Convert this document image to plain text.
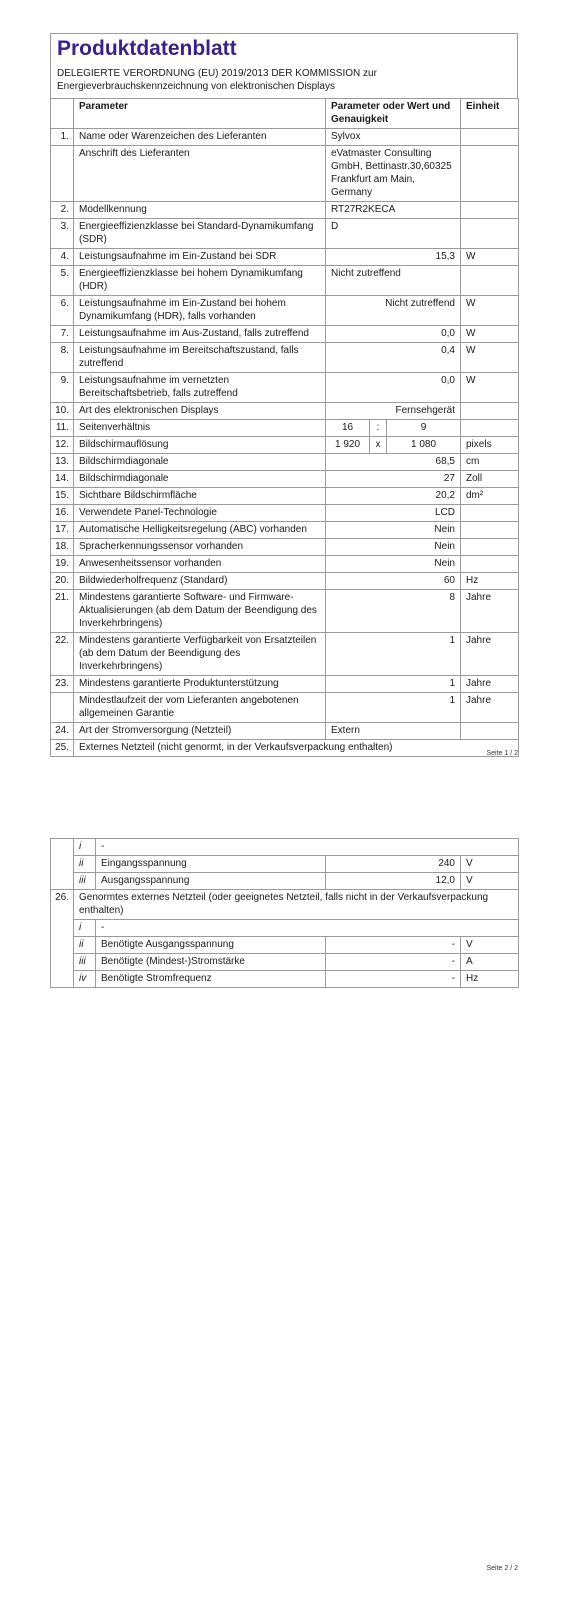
Produktdatenblatt
DELEGIERTE VERORDNUNG (EU) 2019/2013 DER KOMMISSION zur
Energieverbrauchskennzeichnung von elektronischen Displays
	Parameter	Parameter oder Wert und Genauigkeit			Einheit
1.	Name oder Warenzeichen des Lieferanten	Sylvox			
	Anschrift des Lieferanten	eVatmaster Consulting GmbH, Bettinastr.30,60325 Frankfurt am Main, Germany			
2.	Modellkennung	RT27R2KECA			
3.	Energieeffizienzklasse bei Standard-Dynamikumfang (SDR)	D			
4.	Leistungsaufnahme im Ein-Zustand bei SDR	15,3			W
5.	Energieeffizienzklasse bei hohem Dynamikumfang (HDR)	Nicht zutreffend			
6.	Leistungsaufnahme im Ein-Zustand bei hohem Dynamikumfang (HDR), falls vorhanden	Nicht zutreffend			W
7.	Leistungsaufnahme im Aus-Zustand, falls zutreffend	0,0			W
8.	Leistungsaufnahme im Bereitschaftszustand, falls zutreffend	0,4			W
9.	Leistungsaufnahme im vernetzten Bereitschaftsbetrieb, falls zutreffend	0,0			W
10.	Art des elektronischen Displays	Fernsehgerät			
11.	Seitenverhältnis	16	:	9	
12.	Bildschirmauflösung	1 920	x	1 080	pixels
13.	Bildschirmdiagonale	68,5			cm
14.	Bildschirmdiagonale	27			Zoll
15.	Sichtbare Bildschirmfläche	20,2			dm²
16.	Verwendete Panel-Technologie	LCD			
17.	Automatische Helligkeitsregelung (ABC) vorhanden	Nein			
18.	Spracherkennungssensor vorhanden	Nein			
19.	Anwesenheitssensor vorhanden	Nein			
20.	Bildwiederholfrequenz (Standard)	60			Hz
21.	Mindestens garantierte Software- und Firmware-Aktualisierungen (ab dem Datum der Beendigung des Inverkehrbringens)	8			Jahre
22.	Mindestens garantierte Verfügbarkeit von Ersatzteilen (ab dem Datum der Beendigung des Inverkehrbringens)	1			Jahre
23.	Mindestens garantierte Produktunterstützung	1			Jahre
	Mindestlaufzeit der vom Lieferanten angebotenen allgemeinen Garantie	1			Jahre
24.	Art der Stromversorgung (Netzteil)	Extern			
25.	Externes Netzteil (nicht genormt, in der Verkaufsverpackung enthalten)				
Seite 1 / 2
	i	-		
	ii	Eingangsspannung	240	V
	iii	Ausgangsspannung	12,0	V
26.	Genormtes externes Netzteil (oder geeignetes Netzteil, falls nicht in der Verkaufsverpackung enthalten)			
	i	-		
	ii	Benötigte Ausgangsspannung	-	V
	iii	Benötigte (Mindest-)Stromstärke	-	A
	iv	Benötigte Stromfrequenz	-	Hz
Seite 2 / 2
